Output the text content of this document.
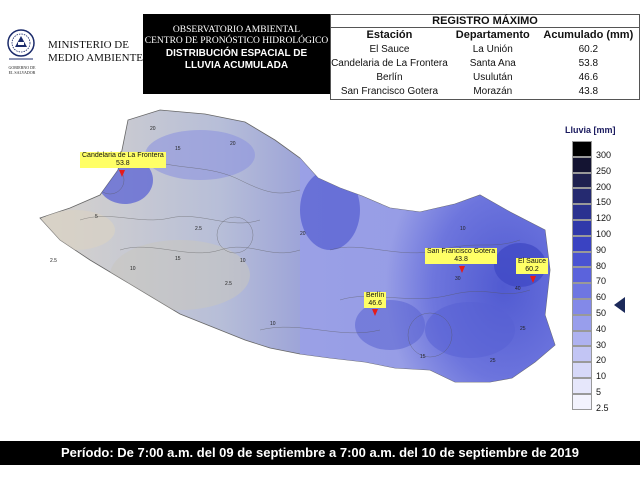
GOBIERNO DE
EL SALVADOR
MINISTERIO DE
MEDIO AMBIENTE
OBSERVATORIO AMBIENTAL
CENTRO DE PRONÓSTICO HIDROLÓGICO
DISTRIBUCIÓN ESPACIAL DE
LLUVIA ACUMULADA
REGISTRO MÁXIMO
Estación	Departamento	Acumulado (mm)
El Sauce	La Unión	60.2
Candelaria de La Frontera	Santa Ana	53.8
Berlín	Usulután	46.6
San Francisco Gotera	Morazán	43.8
20
15
20
5
2.5
10
15	10
2.5
10
2.5
20
10
30
40
15
25
25
Candelaria de La Frontera
53.8
San Francisco Gotera
43.8	El Sauce
60.2
Berlín
46.6
Lluvia [mm]
300
250
200
150
120
100
90
80
70
60
50
40
30
20
10
5
2.5
Período: De 7:00 a.m. del 09 de septiembre a 7:00 a.m. del 10 de septiembre de 2019
